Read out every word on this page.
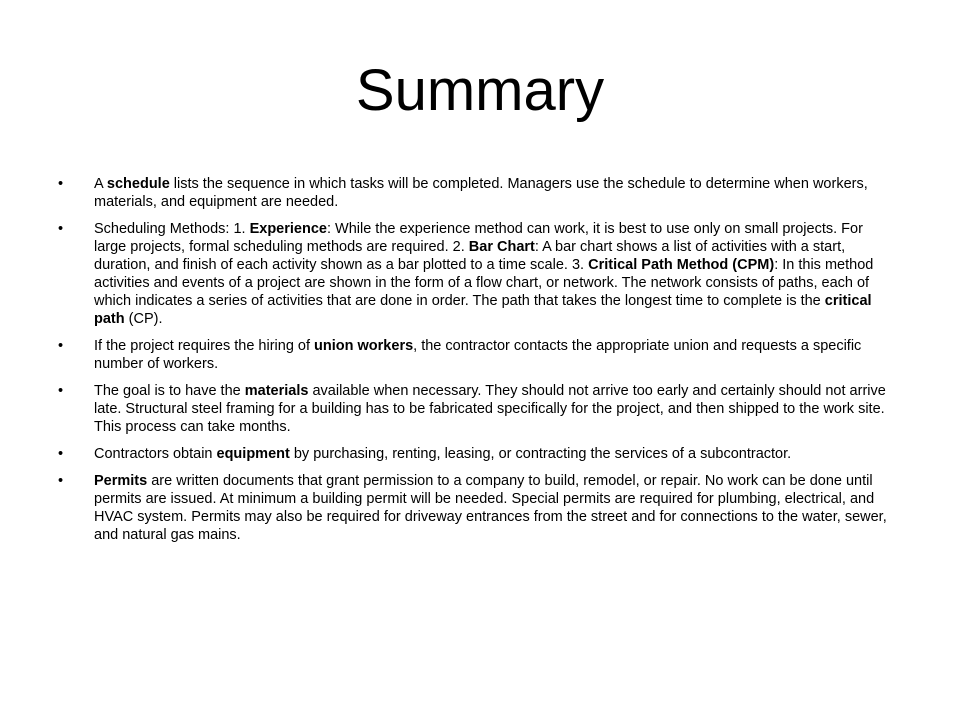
Summary
•	A schedule lists the sequence in which tasks will be completed. Managers use the schedule to determine when workers, materials, and equipment are needed.
•	Scheduling Methods: 1. Experience: While the experience method can work, it is best to use only on small projects. For large projects, formal scheduling methods are required. 2. Bar Chart: A bar chart shows a list of activities with a start, duration, and finish of each activity shown as a bar plotted to a time scale. 3. Critical Path Method (CPM): In this method activities and events of a project are shown in the form of a flow chart, or network. The network consists of paths, each of which indicates a series of activities that are done in order. The path that takes the longest time to complete is the critical path (CP).
•	If the project requires the hiring of union workers, the contractor contacts the appropriate union and requests a specific number of workers.
•	The goal is to have the materials available when necessary. They should not arrive too early and certainly should not arrive late. Structural steel framing for a building has to be fabricated specifically for the project, and then shipped to the work site. This process can take months.
•	Contractors obtain equipment by purchasing, renting, leasing, or contracting the services of a subcontractor.
•	Permits are written documents that grant permission to a company to build, remodel, or repair. No work can be done until permits are issued. At minimum a building permit will be needed. Special permits are required for plumbing, electrical, and HVAC system. Permits may also be required for driveway entrances from the street and for connections to the water, sewer, and natural gas mains.
